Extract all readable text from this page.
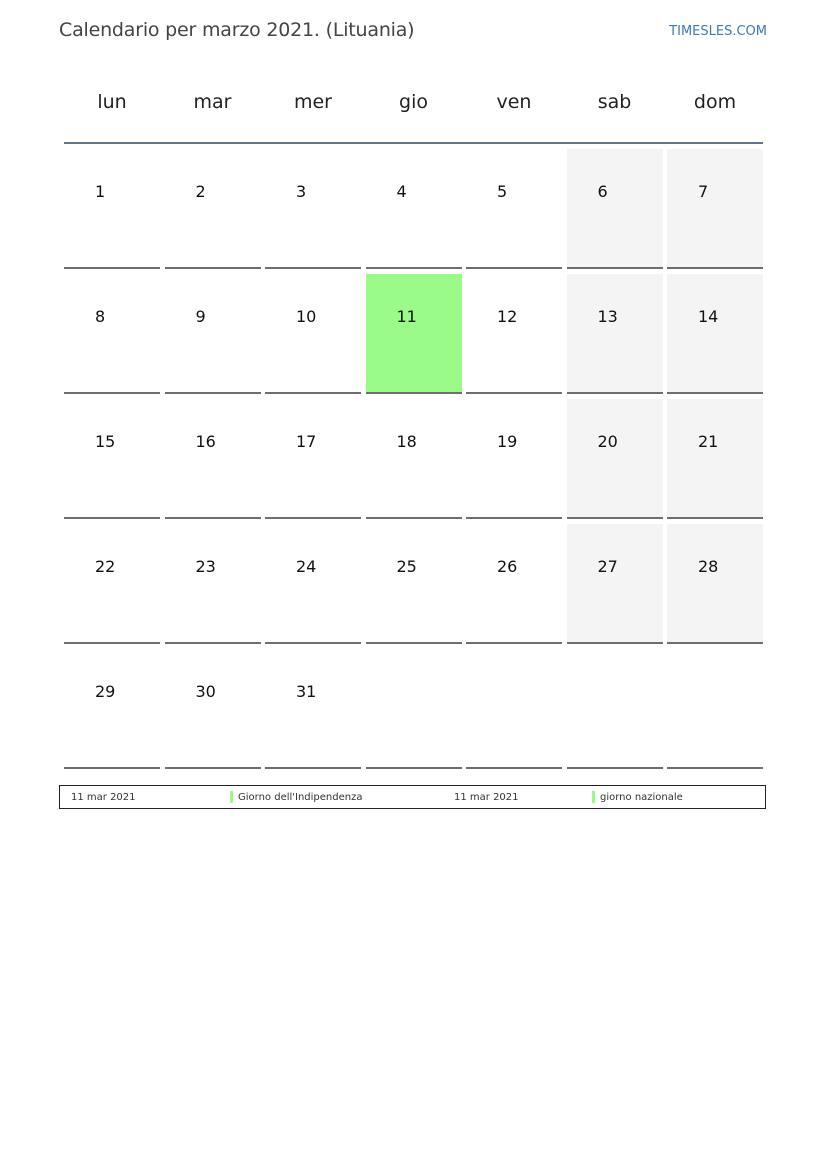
Calendario per marzo 2021. (Lituania)	TIMESLES.COM
lun	mar	mer	gio	ven	sab	dom
1	2	3	4	5	6	7
8	9	10	11	12	13	14
15	16	17	18	19	20	21
22	23	24	25	26	27	28
29	30	31
11 mar 2021	Giorno dell'Indipendenza	11 mar 2021	giorno nazionale
